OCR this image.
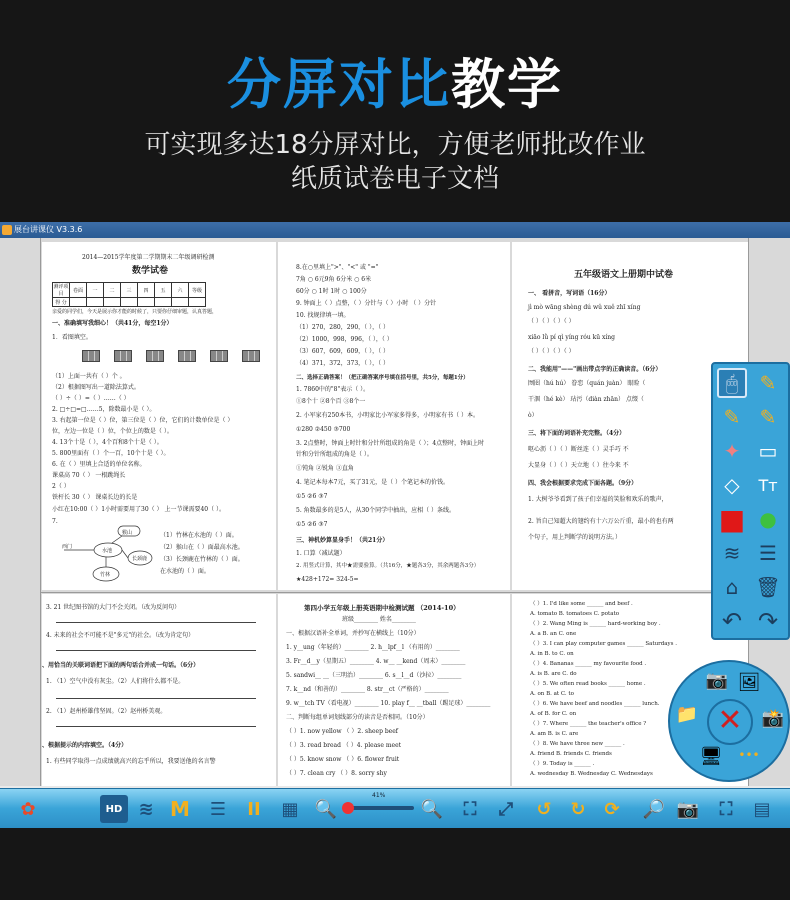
分屏对比教学
可实现多达18分屏对比，方便老师批改作业
纸质试卷电子文档
展台讲课仪 V3.3.6
2014—2015学年度第二学期期末二年级调研检测
数学试卷
测评项目	卷面	一	二	三	四	五	六	等级
得 分								
亲爱的同学们，今天是展示你才能的时候了，只要你仔细审题，认真答题，
一、准确填写我细心！（共41分，每空1分）
1．看图填空。
（1）上面一共有（ ）个 。
（2）根据图写出一道除法算式。
（ ）÷（ ）=（ ）……（ ）
2. □÷□=□……5，除数最小是（ ）。
3. 右起第一位是（ ）位，第三位是（ ）位，它们的计数单位是（ ）
位，左边一位是（ ）位，个位上的数是（ ）。
4. 13个十是（ ），4个百和8个十是（ ）。
5. 800里面有（ ）个一百，10个十是（ ）。
6. 在（ ）里填上合适的单位名称。
课桌高 70（ ） 一根跳绳长
2（ ）
铁杆长 30（ ） 课桌长边的长是
小红在10:00（ ）1小时需要用了30（ ） 上一节课需要40（ ）。
7.
猴山
西门
水池
长颈鹿
竹林
（1）竹林在水池的（ ）面。
（2）猴山在（ ）面最高水池。
（3）长颈鹿在竹林的（ ）面。
在水池的（ ）面。
8.在○里填上">"、"<" 或 "="
7角 ○ 6元9角 6分米 ○ 6米
60分 ○ 1时 1时 ○ 100分
9. 钟面上（ ）点整，（ ）分针与（ ）小时 （ ）分针
10. 找规律填一填。
（1）270，280，290，（ ），（ ）
（2）1000，998，996，（ ），（ ）
（3）607，609，609，（ ），（ ）
（4）371，372，373，（ ），（ ）
二、选择正确答案！（把正确答案序号填在括号里，共5分，每题1分）
1. 7860中的"8"表示（ ）。
①8个十 ②8个百 ③8个一
2. 小军家有250本书，小明家比小军家多得多，小明家有书（ ）本。
①280 ②450 ③700
3. 2点整时，钟面上时针和分针所组成的角是（ ）；4点整时，钟面上时
针和分针所组成的角是（ ）。
①钝角 ②锐角 ③直角
4. 笔记本每本7元，买了31元，是（ ）个笔记本的价钱。
①5 ②6 ③7
5. 角数最多的是5人，从30个同学中抽出，应相（ ）条线。
①5 ②6 ③7
三、神机妙算显身手！（共21分）
1. 口算（减试题）
2. 用竖式计算，其中★需要验算。（共16分，★题各3分，其余两题各3分）
★428+172= 324-5=
五年级语文上册期中试卷
一、 看拼音，写词语（16分）
jì mò wāng shèng dú wǔ xuě zhī xíng
（ ）（ ）（ ）（ ）
xiāo lǜ pí qì yíng róu kū xíng
（ ）（ ）（ ）（ ）
二、我能用"——"画出带点字的正确读音。（6分）
囫囵（hú hú） 眷恋（quán juàn） 眼睑（
干涸（hé kè） 玷污（diàn zhān） 点缀（
ò）
三、将下面的词语补充完整。（4分）
呕心沥（ ）（ ）断丝连（ ）灵手巧 不
大显身（ ）（ ）天立地（ ）往今来 不
四、我会根据要求完成下面各题。（9分）
1. 大树爷爷看到了孩子们幸福的笑脸和欢乐的歌声，
2. 旨自己知超大的翅约有十六万公斤重，最小的也有两
个句子，用上判断学的说明方法。）
3. 21 世纪图书馆的大门不会关闭。（改为反问句）
4. 未来的社会不可能不是"多元"的社会。（改为肯定句）
、用恰当的关联词语把下面的两句话合并成一句话。（6分）
1. （1）空气中没有灰尘。（2）人们将什么都不是。
2. （1）赵州桥雄伟坚固。（2）赵州桥美观。
、根据提示的内容填空。（4分）
1. 有些同学取得一点成绩就高兴的忘乎所以，我要送他的名言警
第四小学五年级上册英语期中检测试题 （2014-10）
班级________ 姓名________
一、根据汉语补全单词，并抄写在横线上（10分）
1. y__ung（年轻的）________ 2. h__lpf__l （有用的）________
3. Fr__d__y（星期五）________ 4. w__ __kend（周末）________
5. sandwi__ __（三明治）________ 6. s__l__d（沙拉）________
7. k__nd（和善的）________ 8. str__ct（严格的）________
9. w__tch TV（看电视）________ 10. play f__ __tball（踢足球）________
二、判断每组单词划线部分的读音是否相同。（10分）
（ ）1. now yellow （ ）2. sheep beef
（ ）3. read bread （ ）4. please meet
（ ）5. know snow （ ）6. flower fruit
（ ）7. clean cry （ ）8. sorry shy
（ ）1. I'd like some ______ and beef .
A. tomato B. tomatoes C. potato
（ ）2. Wang Ming is ______ hard-working boy .
A. a B. an C. one
（ ）3. I can play computer games ______ Saturdays .
A. in B. to C. on
（ ）4. Bananas ______ my favourite food .
A. is B. are C. do
（ ）5. We often read books ______ home .
A. on B. at C. to
（ ）6. We have beef and noodles ______ lunch.
A. of B. for C. on
（ ）7. Where ______ the teacher's office ?
A. am B. is C. are
（ ）8. We have three new ______ .
A. friend B. friends C. friends
（ ）9. Today is ______ .
A. wednesday B. Wednesday C. Wednesdays
✿	HD ≋ M	☰	II	▦ 🔍
41%
🔍	⛶	⤢	↺	↻	⟳	🔎 📷	⛶	▤
🖱	✎
✎ ✎
✦ ▭
◇	Tт
■ ●
≋ ☰
⌂ 🗑
↶ ↷
📷 🖼
📁	📸
🖥 •••
✕
